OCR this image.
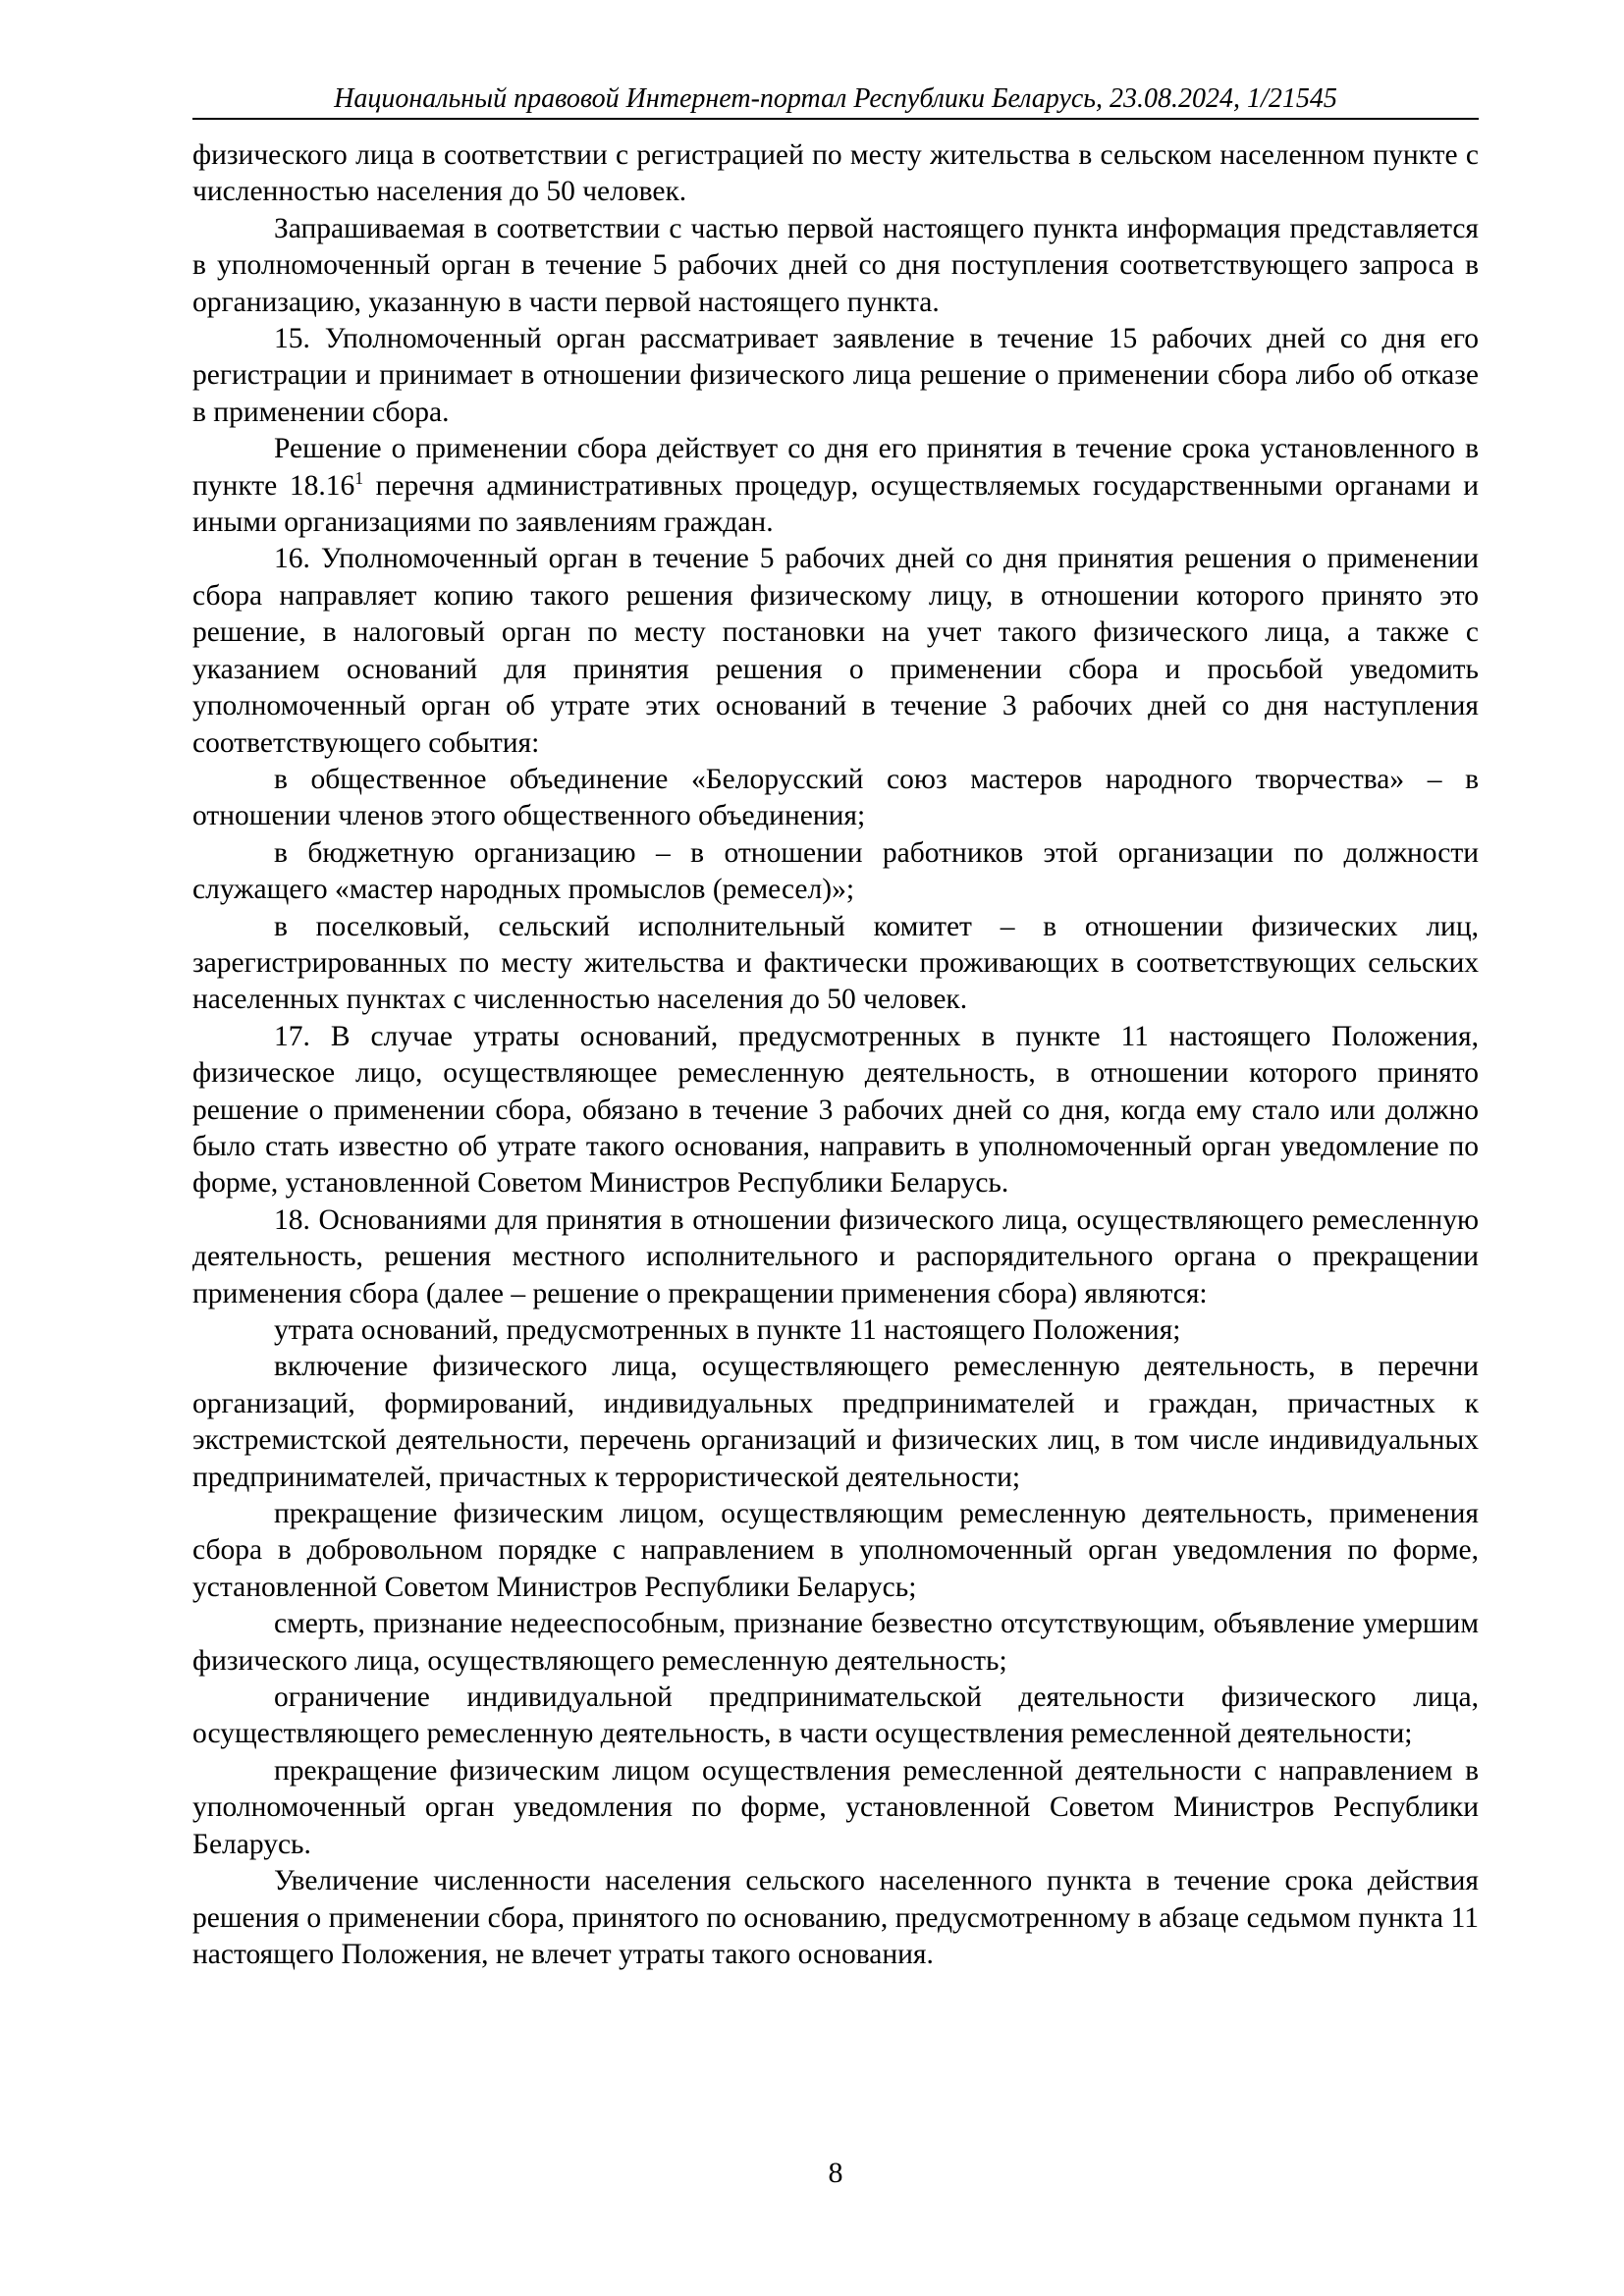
Национальный правовой Интернет-портал Республики Беларусь, 23.08.2024, 1/21545

физического лица в соответствии с регистрацией по месту жительства в сельском населенном пункте с численностью населения до 50 человек.

Запрашиваемая в соответствии с частью первой настоящего пункта информация представляется в уполномоченный орган в течение 5 рабочих дней со дня поступления соответствующего запроса в организацию, указанную в части первой настоящего пункта.

15. Уполномоченный орган рассматривает заявление в течение 15 рабочих дней со дня его регистрации и принимает в отношении физического лица решение о применении сбора либо об отказе в применении сбора.

Решение о применении сбора действует со дня его принятия в течение срока установленного в пункте 18.16$^1$ перечня административных процедур, осуществляемых государственными органами и иными организациями по заявлениям граждан.

16. Уполномоченный орган в течение 5 рабочих дней со дня принятия решения о применении сбора направляет копию такого решения физическому лицу, в отношении которого принято это решение, в налоговый орган по месту постановки на учет такого физического лица, а также с указанием оснований для принятия решения о применении сбора и просьбой уведомить уполномоченный орган об утрате этих оснований в течение 3 рабочих дней со дня наступления соответствующего события:

в общественное объединение «Белорусский союз мастеров народного творчества» – в отношении членов этого общественного объединения;

в бюджетную организацию – в отношении работников этой организации по должности служащего «мастер народных промыслов (ремесел)»;

в поселковый, сельский исполнительный комитет – в отношении физических лиц, зарегистрированных по месту жительства и фактически проживающих в соответствующих сельских населенных пунктах с численностью населения до 50 человек.

17. В случае утраты оснований, предусмотренных в пункте 11 настоящего Положения, физическое лицо, осуществляющее ремесленную деятельность, в отношении которого принято решение о применении сбора, обязано в течение 3 рабочих дней со дня, когда ему стало или должно было стать известно об утрате такого основания, направить в уполномоченный орган уведомление по форме, установленной Советом Министров Республики Беларусь.

18. Основаниями для принятия в отношении физического лица, осуществляющего ремесленную деятельность, решения местного исполнительного и распорядительного органа о прекращении применения сбора (далее – решение о прекращении применения сбора) являются:

утрата оснований, предусмотренных в пункте 11 настоящего Положения;

включение физического лица, осуществляющего ремесленную деятельность, в перечни организаций, формирований, индивидуальных предпринимателей и граждан, причастных к экстремистской деятельности, перечень организаций и физических лиц, в том числе индивидуальных предпринимателей, причастных к террористической деятельности;

прекращение физическим лицом, осуществляющим ремесленную деятельность, применения сбора в добровольном порядке с направлением в уполномоченный орган уведомления по форме, установленной Советом Министров Республики Беларусь;

смерть, признание недееспособным, признание безвестно отсутствующим, объявление умершим физического лица, осуществляющего ремесленную деятельность;

ограничение индивидуальной предпринимательской деятельности физического лица, осуществляющего ремесленную деятельность, в части осуществления ремесленной деятельности;

прекращение физическим лицом осуществления ремесленной деятельности с направлением в уполномоченный орган уведомления по форме, установленной Советом Министров Республики Беларусь.

Увеличение численности населения сельского населенного пункта в течение срока действия решения о применении сбора, принятого по основанию, предусмотренному в абзаце седьмом пункта 11 настоящего Положения, не влечет утраты такого основания.

8
